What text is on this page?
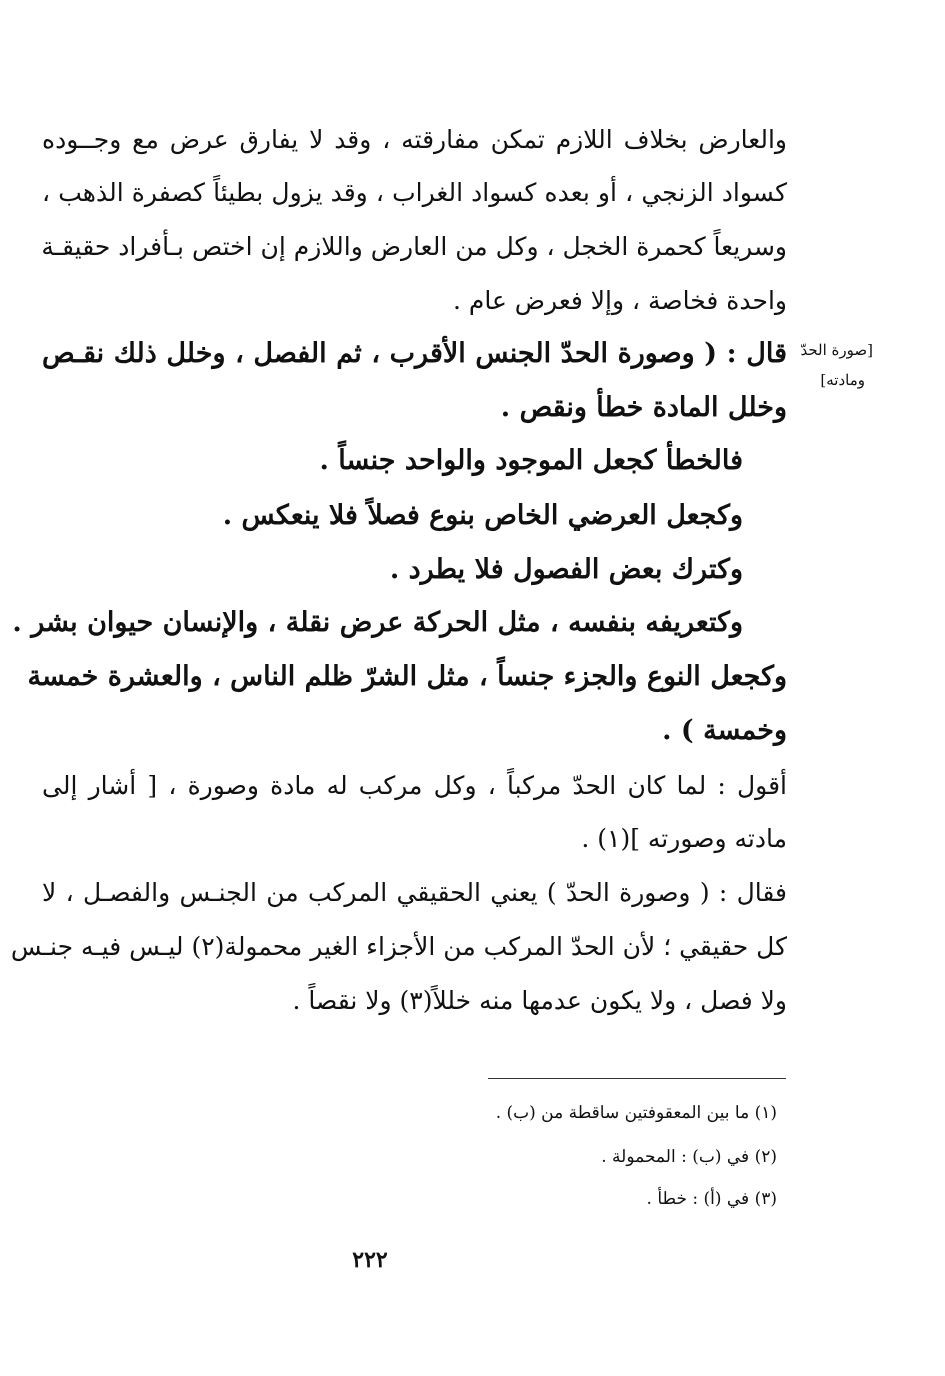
والعارض بخلاف اللازم تمكن مفارقته ، وقد لا يفارق عرض مع وجــوده
كسواد الزنجي ، أو بعده كسواد الغراب ، وقد يزول بطيئاً كصفرة الذهب ،
وسريعاً كحمرة الخجل ، وكل من العارض واللازم إن اختص بـأفراد حقيقـة
واحدة فخاصة ، وإلا فعرض عام .
[صورة الحدّ
ومادته]
قال : ( وصورة الحدّ الجنس الأقرب ، ثم الفصل ، وخلل ذلك نقـص
وخلل المادة خطأ ونقص .
فالخطأ كجعل الموجود والواحد جنساً .
وكجعل العرضي الخاص بنوع فصلاً فلا ينعكس .
وكترك بعض الفصول فلا يطرد .
وكتعريفه بنفسه ، مثل الحركة عرض نقلة ، والإنسان حيوان بشر .
وكجعل النوع والجزء جنساً ، مثل الشرّ ظلم الناس ، والعشرة خمسة
وخمسة ) .
أقول : لما كان الحدّ مركباً ، وكل مركب له مادة وصورة ، [ أشار إلى
مادته وصورته ](١) .
فقال : ( وصورة الحدّ ) يعني الحقيقي المركب من الجنـس والفصـل ، لا
كل حقيقي ؛ لأن الحدّ المركب من الأجزاء الغير محمولة(٢) ليـس فيـه جنـس
ولا فصل ، ولا يكون عدمها منه خللاً(٣) ولا نقصاً .
(١) ما بين المعقوفتين ساقطة من (ب) .
(٢) في (ب) : المحمولة .
(٣) في (أ) : خطأ .
٢٢٢
